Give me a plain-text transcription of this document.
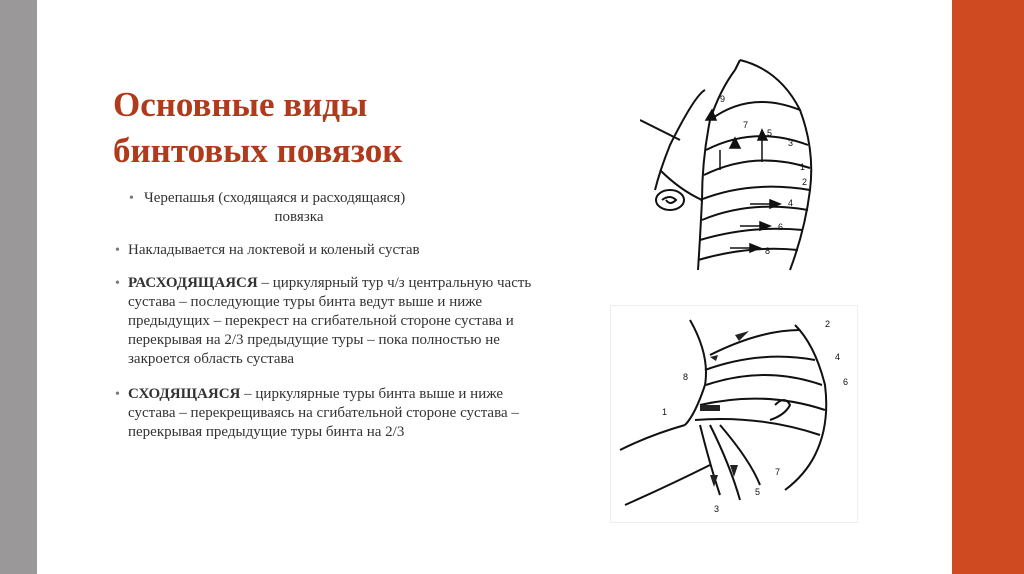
Основные виды
бинтовых повязок
• Черепашья (сходящаяся и расходящаяся)
повязка
• Накладывается на локтевой и коленый сустав
• РАСХОДЯЩАЯСЯ – циркулярный тур ч/з центральную часть сустава – последующие туры бинта ведут выше и ниже предыдущих – перекрест на сгибательной стороне сустава и перекрывая на 2/3 предыдущие туры – пока полностью не закроется область сустава
• СХОДЯЩАЯСЯ – циркулярные туры бинта выше и ниже сустава – перекрещиваясь на сгибательной стороне сустава – перекрывая предыдущие туры бинта на 2/3
9
7
5
3
1
2
4
6
8
2
4
6
8
1
7
5
3
